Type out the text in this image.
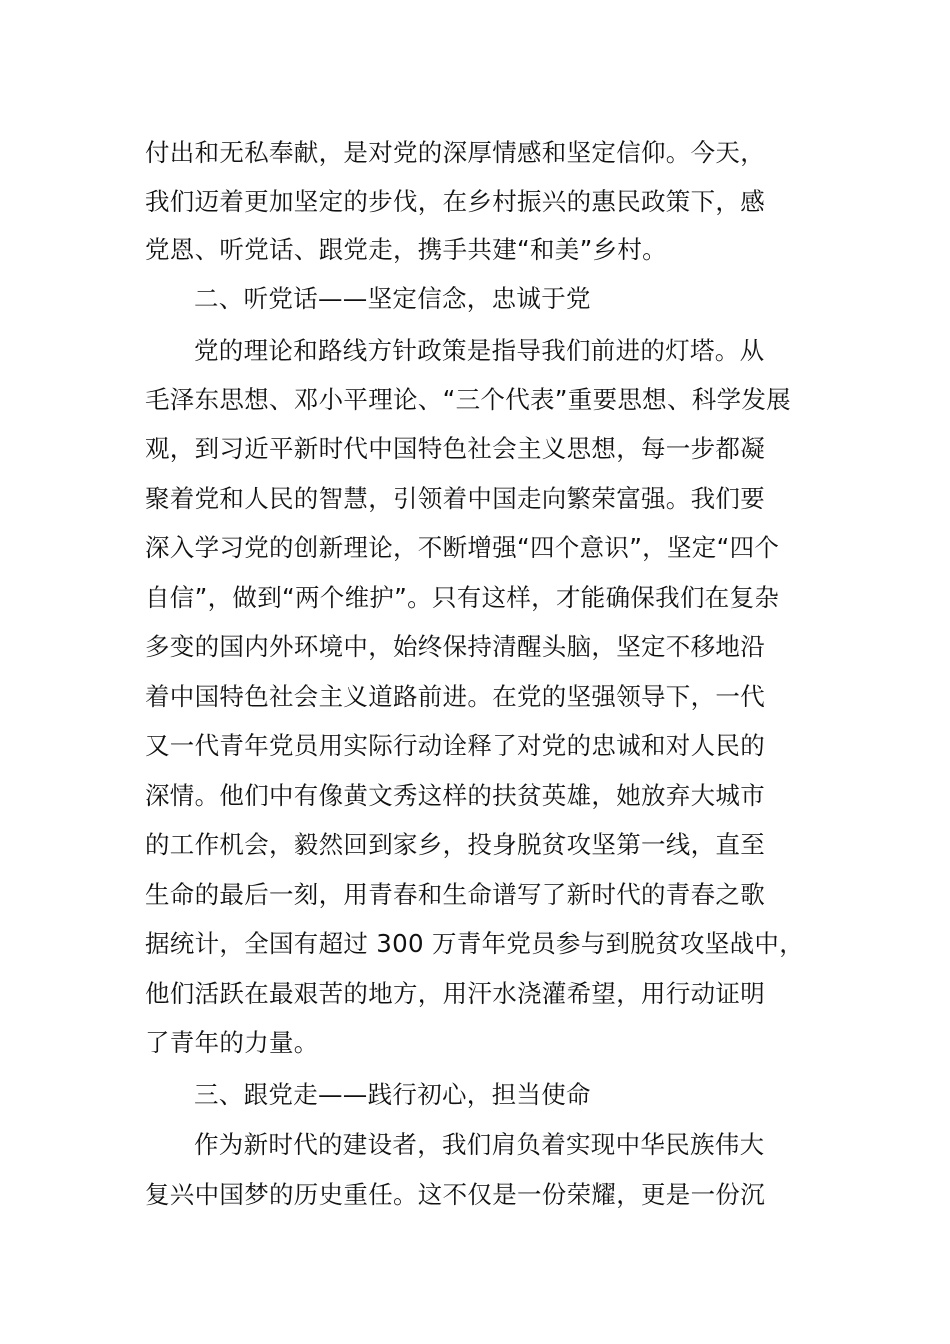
付出和无私奉献，是对党的深厚情感和坚定信仰。今天，
我们迈着更加坚定的步伐，在乡村振兴的惠民政策下，感
党恩、听党话、跟党走，携手共建“和美”乡村。
二、听党话——坚定信念，忠诚于党
党的理论和路线方针政策是指导我们前进的灯塔。从
毛泽东思想、邓小平理论、“三个代表”重要思想、科学发展
观，到习近平新时代中国特色社会主义思想，每一步都凝
聚着党和人民的智慧，引领着中国走向繁荣富强。我们要
深入学习党的创新理论，不断增强“四个意识”，坚定“四个
自信”，做到“两个维护”。只有这样，才能确保我们在复杂
多变的国内外环境中，始终保持清醒头脑，坚定不移地沿
着中国特色社会主义道路前进。在党的坚强领导下，一代
又一代青年党员用实际行动诠释了对党的忠诚和对人民的
深情。他们中有像黄文秀这样的扶贫英雄，她放弃大城市
的工作机会，毅然回到家乡，投身脱贫攻坚第一线，直至
生命的最后一刻，用青春和生命谱写了新时代的青春之歌
据统计，全国有超过 300 万青年党员参与到脱贫攻坚战中，
他们活跃在最艰苦的地方，用汗水浇灌希望，用行动证明
了青年的力量。
三、跟党走——践行初心，担当使命
作为新时代的建设者，我们肩负着实现中华民族伟大
复兴中国梦的历史重任。这不仅是一份荣耀，更是一份沉
